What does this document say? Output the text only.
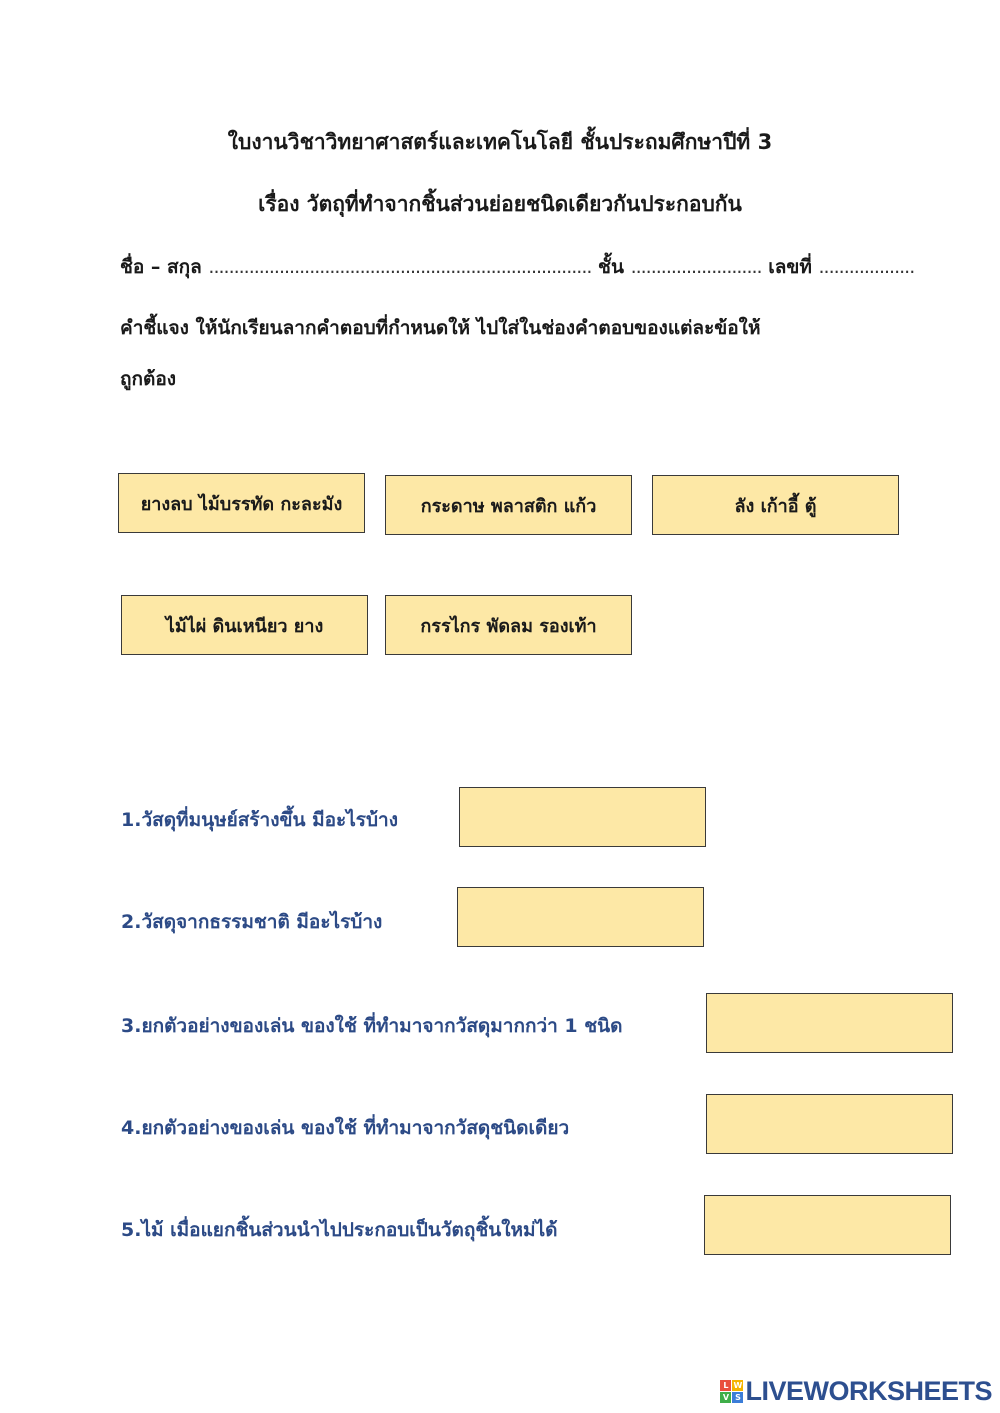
ใบงานวิชาวิทยาศาสตร์และเทคโนโลยี ชั้นประถมศึกษาปีที่ 3
เรื่อง วัตถุที่ทำจากชิ้นส่วนย่อยชนิดเดียวกันประกอบกัน
ชื่อ – สกุล ............................................................................ ชั้น .......................... เลขที่ ...................
คำชี้แจง ให้นักเรียนลากคำตอบที่กำหนดให้ ไปใส่ในช่องคำตอบของแต่ละข้อให้
ถูกต้อง
ยางลบ ไม้บรรทัด กะละมัง	กระดาษ พลาสติก แก้ว	ลัง เก้าอี้ ตู้
ไม้ไผ่ ดินเหนียว ยาง	กรรไกร พัดลม รองเท้า
1.วัสดุที่มนุษย์สร้างขึ้น มีอะไรบ้าง
2.วัสดุจากธรรมชาติ มีอะไรบ้าง
3.ยกตัวอย่างของเล่น ของใช้ ที่ทำมาจากวัสดุมากกว่า 1 ชนิด
4.ยกตัวอย่างของเล่น ของใช้ ที่ทำมาจากวัสดุชนิดเดียว
5.ไม้ เมื่อแยกชิ้นส่วนนำไปประกอบเป็นวัตถุชิ้นใหม่ได้
L W
V S LIVEWORKSHEETS
